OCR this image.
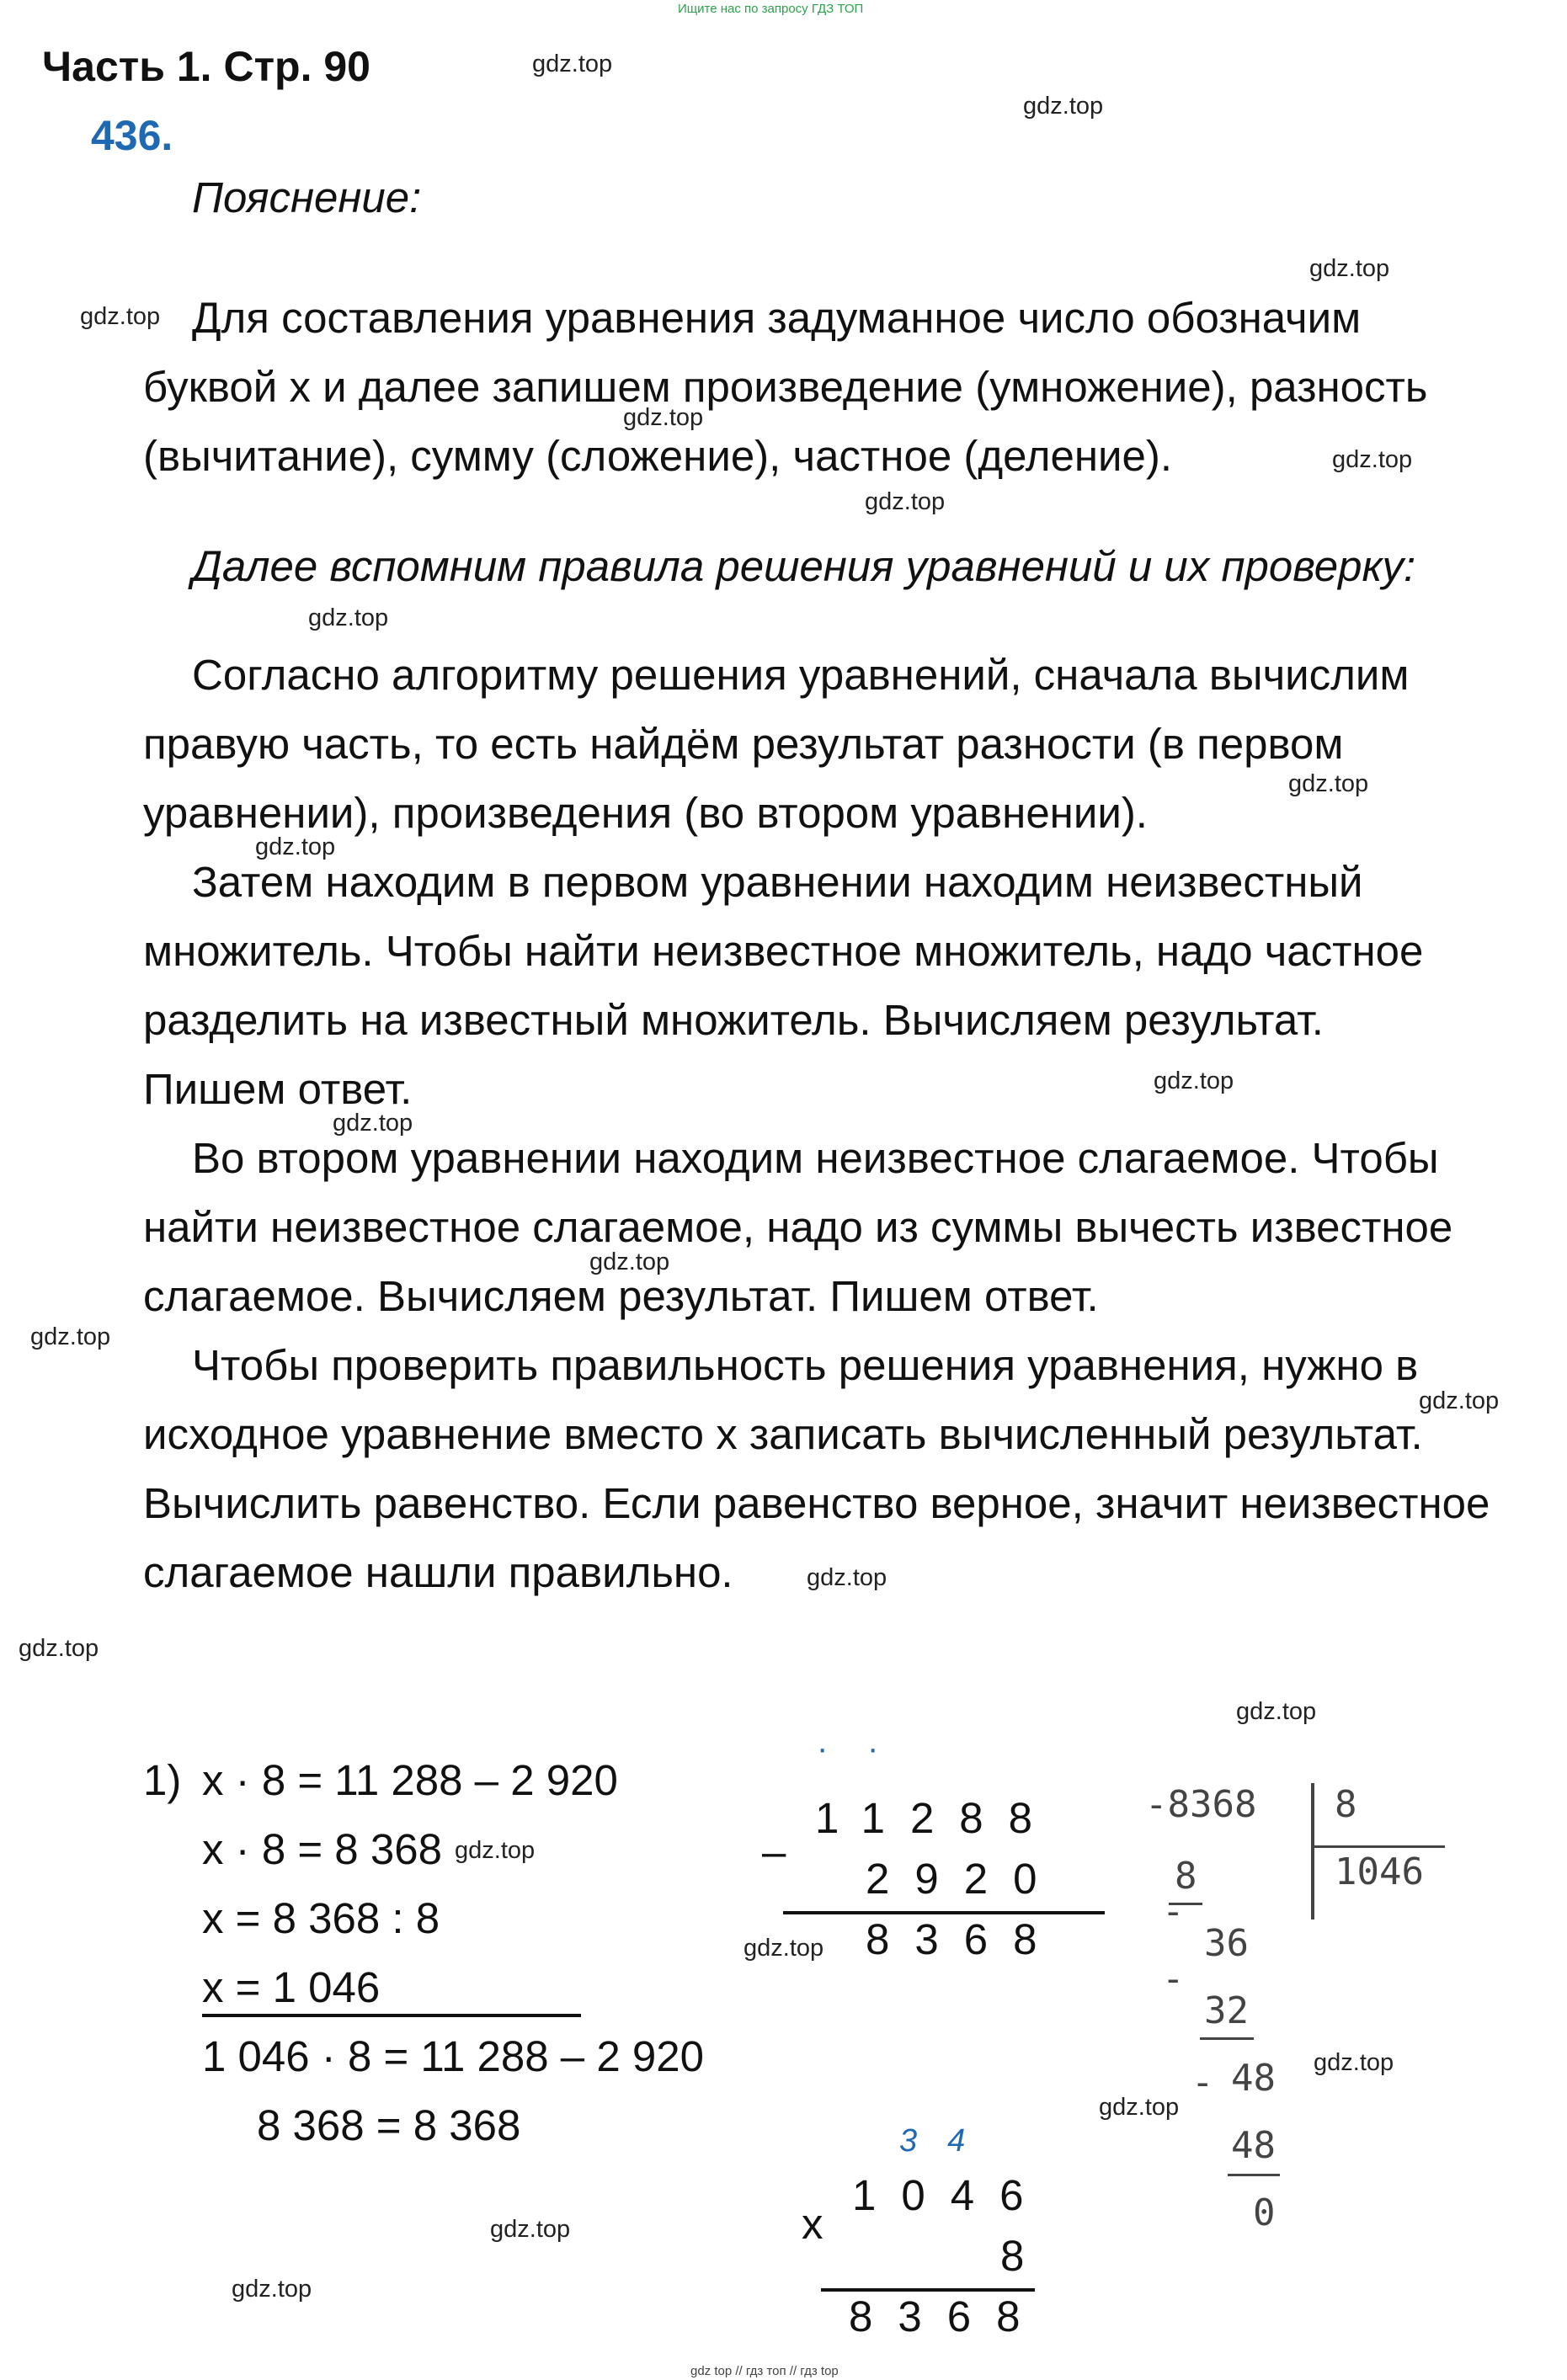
Ищите нас по запросу ГДЗ ТОП
Часть 1. Стр. 90
436.
Пояснение:
Для составления уравнения задуманное число обозначим
буквой х и далее запишем произведение (умножение), разность
(вычитание), сумму (сложение), частное (деление).
Далее вспомним правила решения уравнений и их проверку:
Согласно алгоритму решения уравнений, сначала вычислим
правую часть, то есть найдём результат разности (в первом
уравнении), произведения (во втором уравнении).
Затем находим в первом уравнении находим неизвестный
множитель. Чтобы найти неизвестное множитель, надо частное
разделить на известный множитель. Вычисляем результат.
Пишем ответ.
Во втором уравнении находим неизвестное слагаемое. Чтобы
найти неизвестное слагаемое, надо из суммы вычесть известное
слагаемое. Вычисляем результат. Пишем ответ.
Чтобы проверить правильность решения уравнения, нужно в
исходное уравнение вместо х записать вычисленный результат.
Вычислить равенство. Если равенство верное, значит неизвестное
слагаемое нашли правильно.
1) x · 8 = 11 288 – 2 920
x · 8 = 8 368
x = 8 368 : 8
x = 1 046
1 046 · 8 = 11 288 – 2 920
8 368 = 8 368
· ·
–
11288
2920
8368
34
1046
x
8
8368
-8368 8
1046
8
-
36
-
32
- 48
48
0
gdz.top
gdz.top
gdz.top
gdz.top
gdz.top
gdz.top
gdz.top
gdz.top
gdz.top
gdz.top
gdz.top
gdz.top
gdz.top
gdz.top
gdz.top
gdz.top
gdz.top
gdz.top
gdz.top
gdz.top
gdz.top
gdz.top
gdz.top
gdz.top
gdz top // гдз топ // гдз top
